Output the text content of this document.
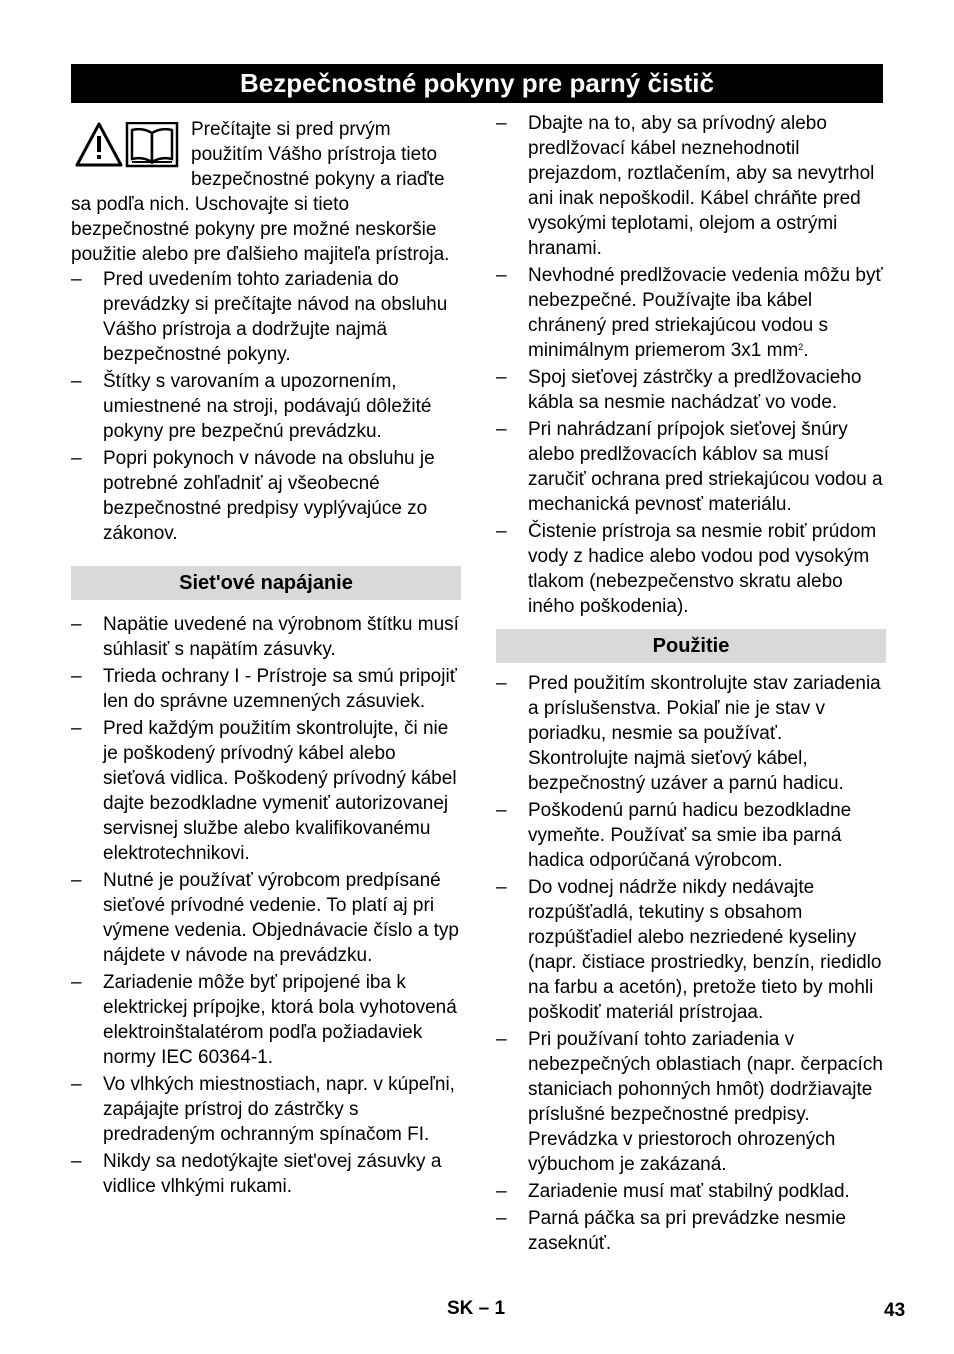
Bezpečnostné pokyny pre parný čistič

Prečítajte si pred prvým použitím Vášho prístroja tieto bezpečnostné pokyny a riaďte sa podľa nich. Uschovajte si tieto bezpečnostné pokyny pre možné neskoršie použitie alebo pre ďalšieho majiteľa prístroja.

– Pred uvedením tohto zariadenia do prevádzky si prečítajte návod na obsluhu Vášho prístroja a dodržujte najmä bezpečnostné pokyny.
– Štítky s varovaním a upozornením, umiestnené na stroji, podávajú dôležité pokyny pre bezpečnú prevádzku.
– Popri pokynoch v návode na obsluhu je potrebné zohľadniť aj všeobecné bezpečnostné predpisy vyplývajúce zo zákonov.
Siet'ové napájanie
– Napätie uvedené na výrobnom štítku musí súhlasiť s napätím zásuvky.
– Trieda ochrany I - Prístroje sa smú pripojiť len do správne uzemnených zásuviek.
– Pred každým použitím skontrolujte, či nie je poškodený prívodný kábel alebo sieťová vidlica. Poškodený prívodný kábel dajte bezodkladne vymeniť autorizovanej servisnej službe alebo kvalifikovanému elektrotechnikovi.
– Nutné je používať výrobcom predpísané sieťové prívodné vedenie. To platí aj pri výmene vedenia. Objednávacie číslo a typ nájdete v návode na prevádzku.
– Zariadenie môže byť pripojené iba k elektrickej prípojke, ktorá bola vyhotovená elektroinštalatérom podľa požiadaviek normy IEC 60364-1.
– Vo vlhkých miestnostiach, napr. v kúpeľni, zapájajte prístroj do zástrčky s predradeným ochranným spínačom FI.
– Nikdy sa nedotýkajte siet'ovej zásuvky a vidlice vlhkými rukami.
– Dbajte na to, aby sa prívodný alebo predlžovací kábel neznehodnotil prejazdom, roztlačením, aby sa nevytrhol ani inak nepoškodil. Kábel chráňte pred vysokými teplotami, olejom a ostrými hranami.
– Nevhodné predlžovacie vedenia môžu byť nebezpečné. Používajte iba kábel chránený pred striekajúcou vodou s minimálnym priemerom 3x1 $mm^2$.
– Spoj sieťovej zástrčky a predlžovacieho kábla sa nesmie nachádzať vo vode.
– Pri nahrádzaní prípojok sieťovej šnúry alebo predlžovacích káblov sa musí zaručiť ochrana pred striekajúcou vodou a mechanická pevnosť materiálu.
– Čistenie prístroja sa nesmie robiť prúdom vody z hadice alebo vodou pod vysokým tlakom (nebezpečenstvo skratu alebo iného poškodenia).
Použitie
– Pred použitím skontrolujte stav zariadenia a príslušenstva. Pokiaľ nie je stav v poriadku, nesmie sa používať. Skontrolujte najmä sieťový kábel, bezpečnostný uzáver a parnú hadicu.
– Poškodenú parnú hadicu bezodkladne vymeňte. Používať sa smie iba parná hadica odporúčaná výrobcom.
– Do vodnej nádrže nikdy nedávajte rozpúšťadlá, tekutiny s obsahom rozpúšťadiel alebo nezriedené kyseliny (napr. čistiace prostriedky, benzín, riedidlo na farbu a acetón), pretože tieto by mohli poškodiť materiál prístrojaa.
– Pri používaní tohto zariadenia v nebezpečných oblastiach (napr. čerpacích staniciach pohonných hmôt) dodržiavajte príslušné bezpečnostné predpisy. Prevádzka v priestoroch ohrozených výbuchom je zakázaná.
– Zariadenie musí mať stabilný podklad.
– Parná páčka sa pri prevádzke nesmie zaseknúť.
SK – 1	43
